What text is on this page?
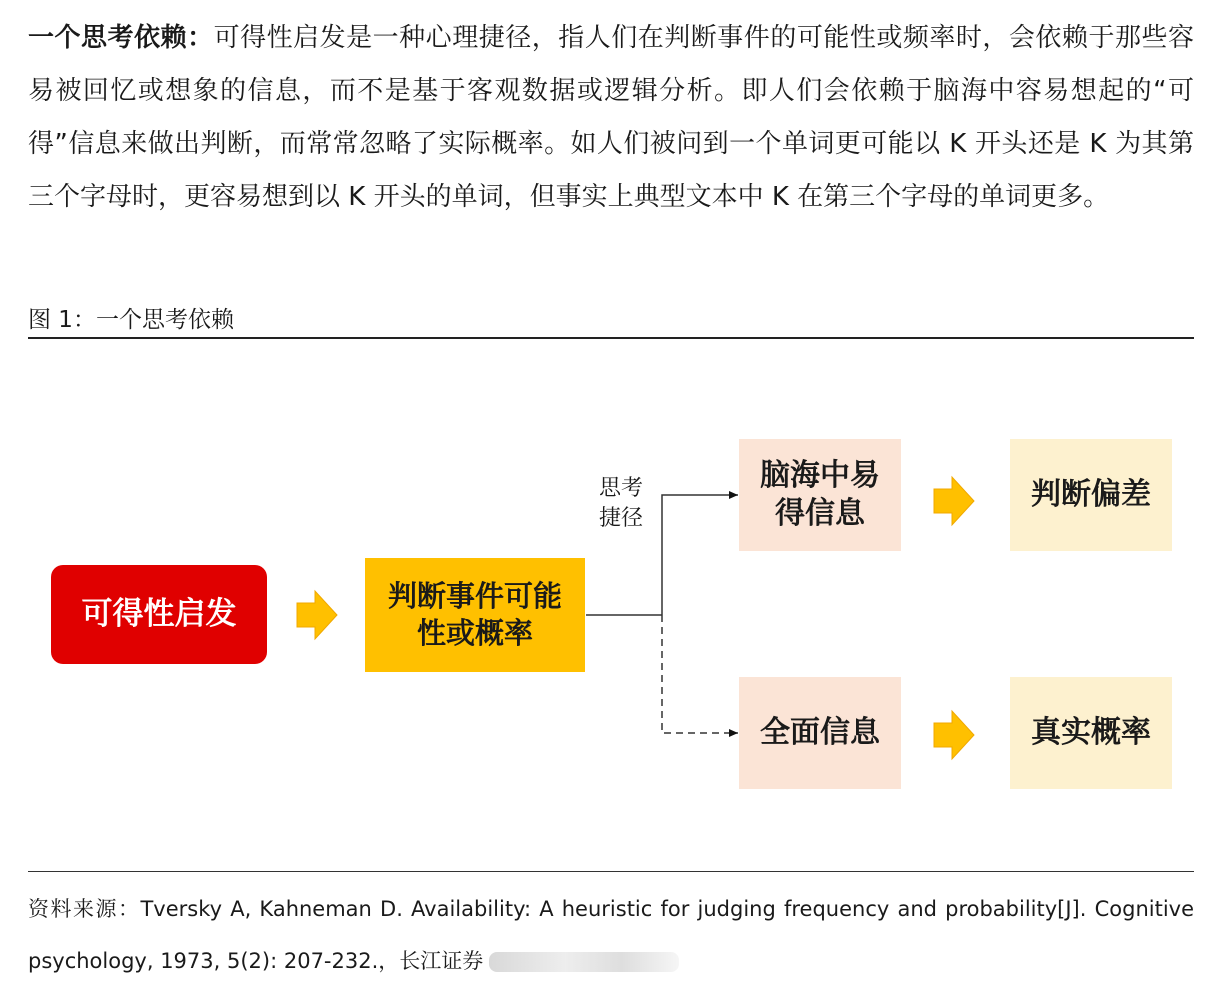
一个思考依赖：可得性启发是一种心理捷径，指人们在判断事件的可能性或频率时，会依赖于那些容易被回忆或想象的信息，而不是基于客观数据或逻辑分析。即人们会依赖于脑海中容易想起的“可得”信息来做出判断，而常常忽略了实际概率。如人们被问到一个单词更可能以 K 开头还是 K 为其第三个字母时，更容易想到以 K 开头的单词，但事实上典型文本中 K 在第三个字母的单词更多。

图 1：一个思考依赖
可得性启发	判断事件可能性或概率
思考捷径
脑海中易得信息
判断偏差
全面信息	真实概率

资料来源：Tversky A, Kahneman D. Availability: A heuristic for judging frequency and probability[J]. Cognitive psychology, 1973, 5(2): 207-232.，长江证券
